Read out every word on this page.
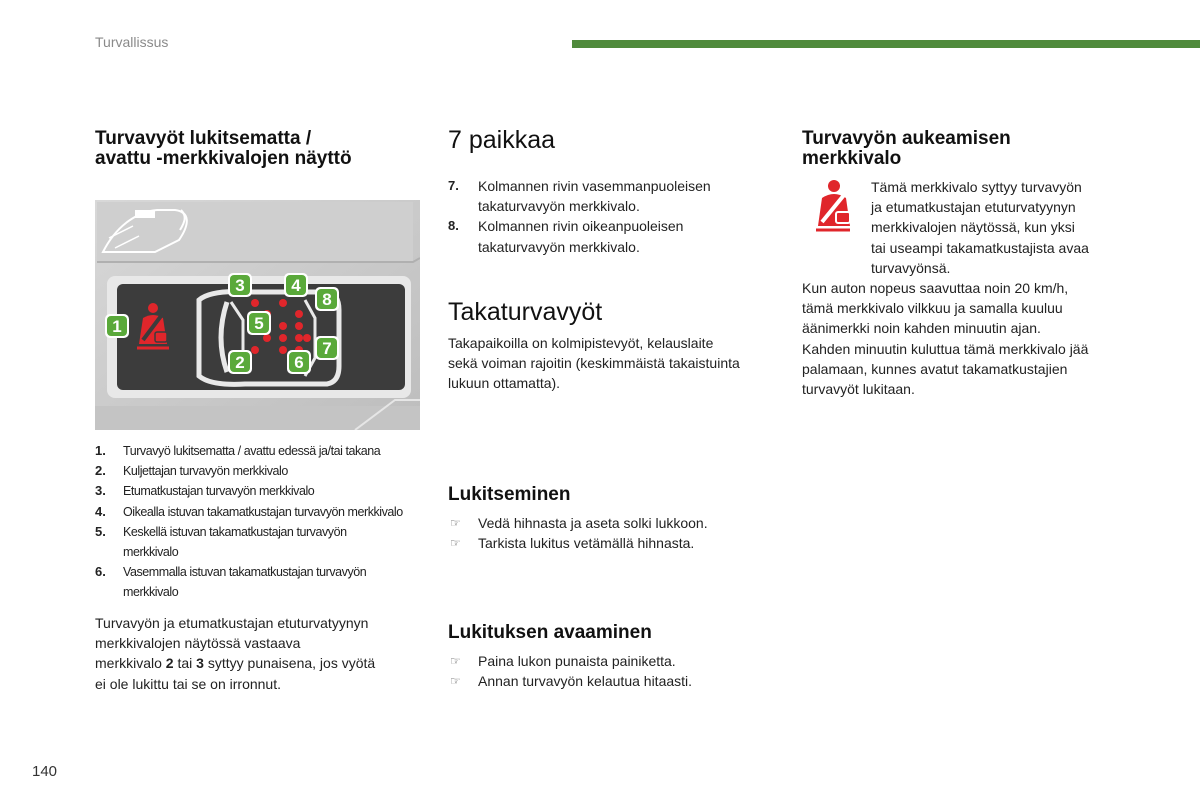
Turvallissus
Turvavyöt lukitsematta /
avattu -merkkivalojen näyttö
1
3	4
8
5
7
2	6
1.	Turvavyö lukitsematta / avattu edessä ja/tai takana
2.	Kuljettajan turvavyön merkkivalo
3.	Etumatkustajan turvavyön merkkivalo
4.	Oikealla istuvan takamatkustajan turvavyön merkkivalo
5.	Keskellä istuvan takamatkustajan turvavyön
merkkivalo
6.	Vasemmalla istuvan takamatkustajan turvavyön
merkkivalo
Turvavyön ja etumatkustajan etuturvatyynyn
merkkivalojen näytössä vastaava
merkkivalo 2 tai 3 syttyy punaisena, jos vyötä
ei ole lukittu tai se on irronnut.
7 paikkaa
7.	Kolmannen rivin vasemmanpuoleisen
takaturvavyön merkkivalo.
8.	Kolmannen rivin oikeanpuoleisen
takaturvavyön merkkivalo.
Takaturvavyöt
Takapaikoilla on kolmipistevyöt, kelauslaite
sekä voiman rajoitin (keskimmäistä takaistuinta
lukuun ottamatta).
Lukitseminen
☞	Vedä hihnasta ja aseta solki lukkoon.
☞	Tarkista lukitus vetämällä hihnasta.
Lukituksen avaaminen
☞	Paina lukon punaista painiketta.
☞	Annan turvavyön kelautua hitaasti.
Turvavyön aukeamisen
merkkivalo
Tämä merkkivalo syttyy turvavyön
ja etumatkustajan etuturvatyynyn
merkkivalojen näytössä, kun yksi
tai useampi takamatkustajista avaa
turvavyönsä.
Kun auton nopeus saavuttaa noin 20 km/h,
tämä merkkivalo vilkkuu ja samalla kuuluu
äänimerkki noin kahden minuutin ajan.
Kahden minuutin kuluttua tämä merkkivalo jää
palamaan, kunnes avatut takamatkustajien
turvavyöt lukitaan.
140
